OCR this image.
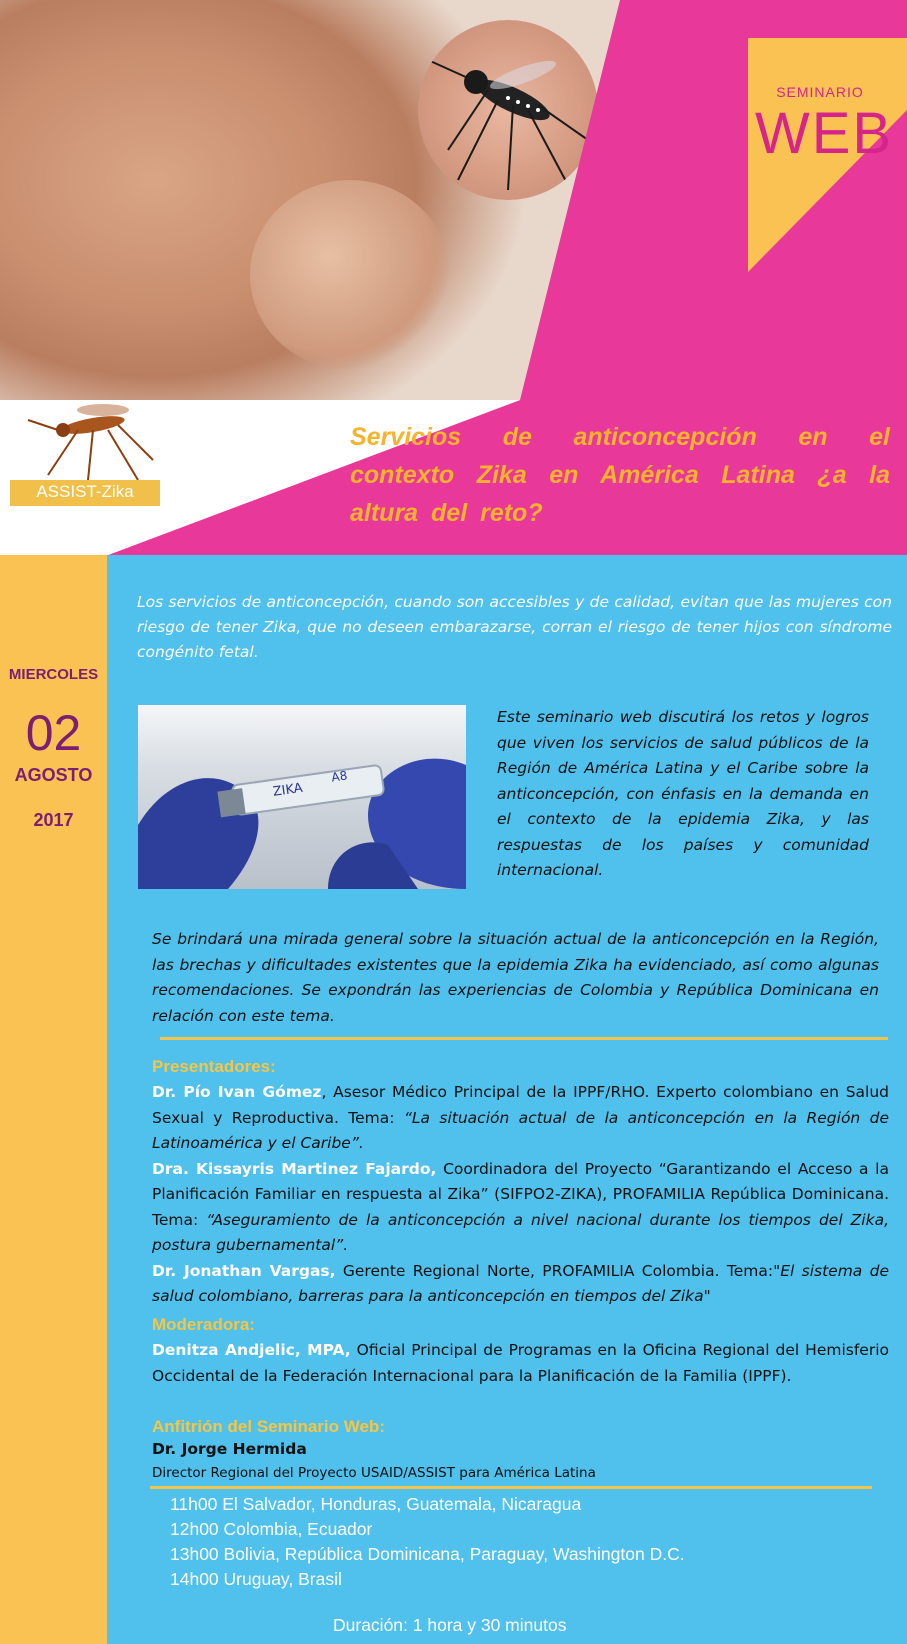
SEMINARIO
WEB
ASSIST-Zika
Servicios de anticoncepción en el contexto Zika en América Latina ¿a la altura del reto?
MIERCOLES
02
AGOSTO
2017
Los servicios de anticoncepción, cuando son accesibles y de calidad, evitan que las mujeres con riesgo de tener Zika, que no deseen embarazarse, corran el riesgo de tener hijos con síndrome congénito fetal.
ZIKA
A8
Este seminario web discutirá los retos y logros que viven los servicios de salud públicos de la Región de América Latina y el Caribe sobre la anticoncepción, con énfasis en la demanda en el contexto de la epidemia Zika, y las respuestas de los países y comunidad internacional.
Se brindará una mirada general sobre la situación actual de la anticoncepción en la Región, las brechas y dificultades existentes que la epidemia Zika ha evidenciado, así como algunas recomendaciones. Se expondrán las experiencias de Colombia y República Dominicana en relación con este tema.
Presentadores:

Dr. Pío Ivan Gómez, Asesor Médico Principal de la IPPF/RHO. Experto colombiano en Salud Sexual y Reproductiva. Tema: “La situación actual de la anticoncepción en la Región de Latinoamérica y el Caribe”.

Dra. Kissayris Martinez Fajardo, Coordinadora del Proyecto “Garantizando el Acceso a la Planificación Familiar en respuesta al Zika” (SIFPO2-ZIKA), PROFAMILIA República Dominicana. Tema: “Aseguramiento de la anticoncepción a nivel nacional durante los tiempos del Zika, postura gubernamental”.

Dr. Jonathan Vargas, Gerente Regional Norte, PROFAMILIA Colombia. Tema:"El sistema de salud colombiano, barreras para la anticoncepción en tiempos del Zika"

Moderadora:
Denitza Andjelic, MPA, Oficial Principal de Programas en la Oficina Regional del Hemisferio Occidental de la Federación Internacional para la Planificación de la Familia (IPPF).
Anfitrión del Seminario Web:
Dr. Jorge Hermida
Director Regional del Proyecto USAID/ASSIST para América Latina
11h00 El Salvador, Honduras, Guatemala, Nicaragua
12h00 Colombia, Ecuador
13h00 Bolivia, República Dominicana, Paraguay, Washington D.C.
14h00 Uruguay, Brasil
Duración: 1 hora y 30 minutos
